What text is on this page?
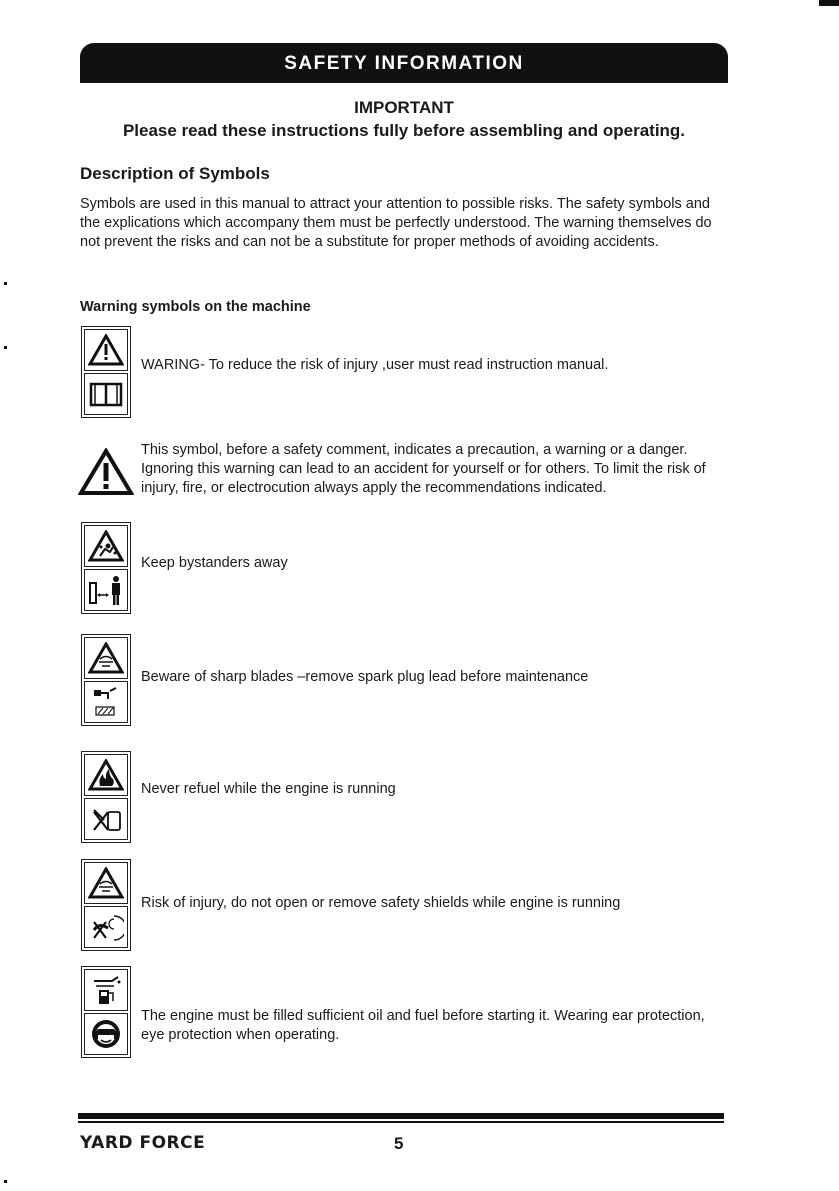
SAFETY INFORMATION
IMPORTANT
Please read these instructions fully before assembling and operating.
Description of Symbols
Symbols are used in this manual to attract your attention to possible risks. The safety symbols and the explications which accompany them must be perfectly understood. The warning themselves do not prevent the risks and can not be a substitute for proper methods of avoiding accidents.
Warning symbols on the machine
WARING- To reduce the risk of injury ,user must read instruction manual.
This symbol, before a safety comment, indicates a precaution, a warning or a danger. Ignoring this warning can lead to an accident for yourself or for others. To limit the risk of injury, fire, or electrocution always apply the recommendations indicated.
Keep bystanders away
Beware of sharp blades –remove spark plug lead before maintenance
Never refuel while the engine is running
Risk of injury, do not open or remove safety shields while engine is running
The engine must be filled sufficient oil and fuel before starting it. Wearing ear protection, eye protection when operating.
YARD FORCE	5
